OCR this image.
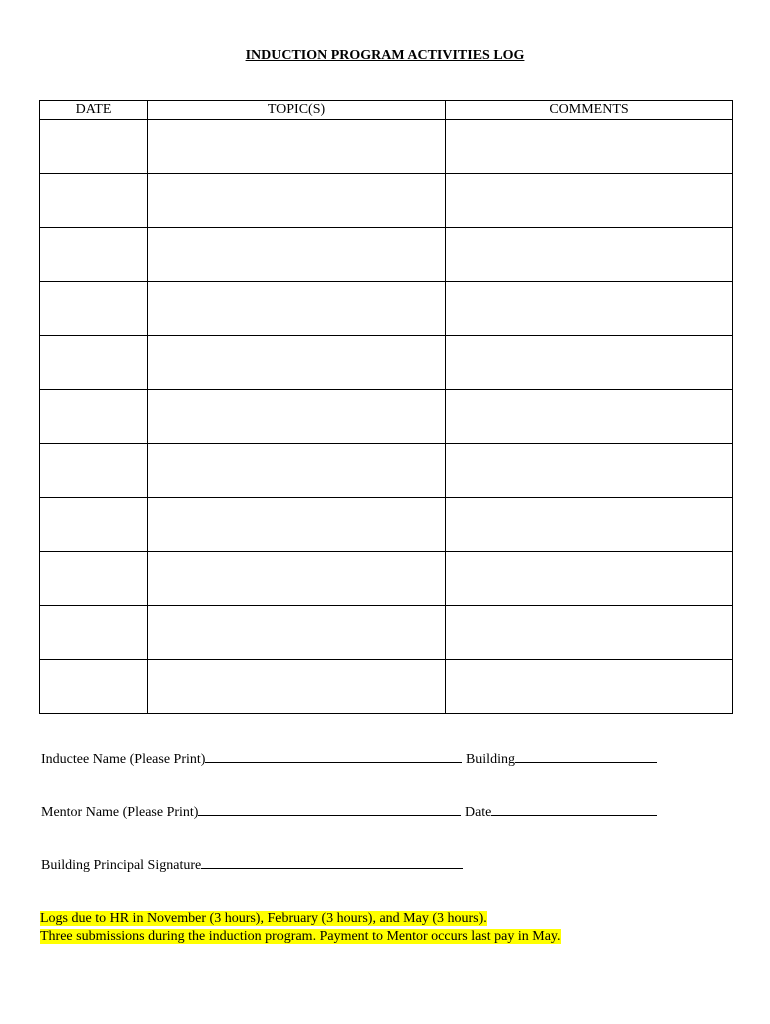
INDUCTION PROGRAM ACTIVITIES LOG
DATE	TOPIC(S)	COMMENTS

Inductee Name (Please Print)	Building
Mentor Name (Please Print)	Date
Building Principal Signature
Logs due to HR in November (3 hours), February (3 hours), and May (3 hours).
Three submissions during the induction program. Payment to Mentor occurs last pay in May.
